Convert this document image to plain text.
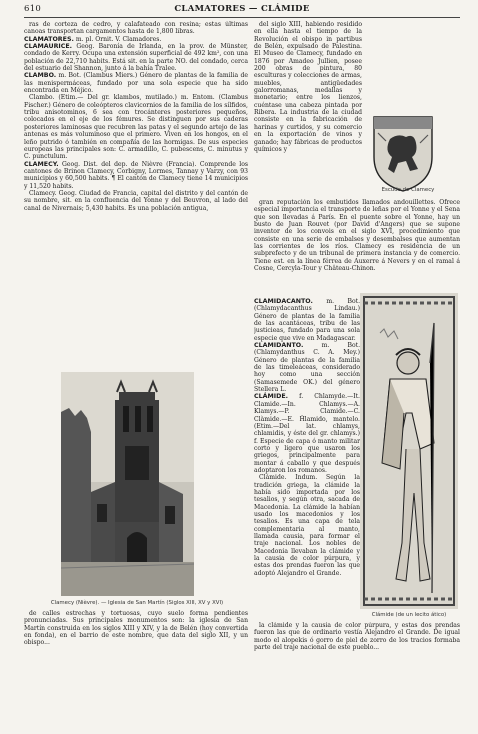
610	CLAMATORES — CLÁMIDE

ras de corteza de cedro, y calafateado con resina; estas últimas canoas transportan cargamentos hasta de 1,800 libras.

CLAMATORES. m. pl. Ornit. V. Clamadores.

CLAMAURICE. Geog. Baronía de Irlanda, en la prov. de Münster, condado de Kerry. Ocupa una extensión superficial de 492 km², con una población de 22,710 habits. Está sit. en la parte NO. del condado, cerca del estuario del Shannon, junto á la bahía Tralee.

CLAMBO. m. Bot. (Clambus Miers.) Género de plantas de la familia de las menispermáceas, fundado por una sola especie que ha sido encontrada en Méjico.

Clambo. (Etim.— Del gr. klambos, mutilado.) m. Entom. (Clambus Fischer.) Género de coleópteros clavicornios de la familia de los sílfidos, tribu anisotominos, 6 sea con trocánteres posteriores pequeños, colocados en el eje de los fémures. Se distinguen por sus caderas posteriores laminosas que recubren las patas y el segundo artejo de las antenas es más voluminoso que el primero. Viven en los hongos, en el leño putrido ó también en compañía de las hormigas. De sus especies europeas las principales son: C. armadillo, C. pubescens, C. minutus y C. punctulum.

CLAMECY. Geog. Dist. del dep. de Nièvre (Francia). Comprende los cantones de Brinon Clamecy, Corbigny, Lormes, Tannay y Varzy, con 93 municipios y 60,500 habits. ¶ El cantón de Clamecy tiene 14 municipios y 11,520 habits.

Clamecy. Geog. Ciudad de Francia, capital del distrito y del cantón de su nombre, sit. en la confluencia del Yonne y del Beuvron, al lado del canal de Nivernais; 5,430 habits. Es una población antigua,

Clamecy (Nièvre). — Iglesia de San Martín (Siglos XIII, XV y XVI)

de calles estrechas y tortuosas, cuyo suelo forma pendientes pronunciadas. Sus principales monumentos son: la iglesia de San Martín construida en los siglos XIII y XIV, y la de Belén (hoy convertida en fonda), en el barrio de este nombre, que data del siglo XII, y un obispo...

del siglo XIII, habiendo residido en ella hasta el tiempo de la Revolución el obispo in partibus de Belén, expulsado de Palestina. El Museo de Clamecy, fundado en 1876 por Amadeo Jullien, posee 200 obras de pintura, 80 esculturas y colecciones de armas, muebles, antigüedades galorromanas, medallas y monetario; entre los lienzos, cuéntase una cabeza pintada por Ribera. La industria de la ciudad consiste en la fabricación de harinas y curtidos, y su comercio en la exportación de vinos y ganado; hay fábricas de productos químicos y

Escudo de Clamecy

gran reputación los embutidos llamados andouillettes. Ofrece especial importancia el transporte de leñas por el Yonne y el Sena que son llevadas á París. En el puente sobre el Yonne, hay un busto de Juan Rouvet (por David d'Angers) que se supone inventor de los convois en el siglo XVI, procedimiento que consiste en una serie de embalses y desembalses que aumentan las corrientes de los ríos. Clamecy es residencia de un subprefecto y de un tribunal de primera instancia y de comercio. Tiene est. en la línea férrea de Auxerre á Nevers y en el ramal á Cosne, Cercyla-Tour y Château-Chinon.

CLAMIDACANTO. m. Bot. (Chlamydacanthus Lindau.) Género de plantas de la familia de las acantáceas, tribu de las justicieas, fundado para una sola especie que vive en Madagascar.

CLAMIDANTO.	m. Bot. (Chlamydanthus C. A. Mey.) Género de plantas de la familia de las timeleáceas, considerado hoy como una sección (Samasemede OK.) del género Stellera L.

CLÁMIDE. f. Chlamyde.—It. Clamide.—In. Chlamys.—A. Klamys.—P. Clamide.—C. Clàmide.—E. Ĥlamido, mantelo. (Etim.—Del lat. chlamys, chlamidis, y éste del gr. chlamys.) f. Especie de capa ó manto militar corto y ligero que usaron los griegos, principalmente para montar á caballo y que después adoptaron los romanos.

Clámide. Indum. Según la tradición griega, la clámide la había sido importada por los tesalios, y según otra, sacada de Macedonia. La clámide la habían usado los macedonios y los tesalios. Es una capa de tela complementaria al manto, llamada causia, para formar el traje nacional. Los nobles de Macedonia llevaban la clámide y la causia de color púrpura, y estas dos prendas fueron las que adoptó Alejandro el Grande.

Clámide (de un lecito ático)

la clámide y la causia de color púrpura, y estas dos prendas fueron las que de ordinario vestía Alejandro el Grande. De igual modo el alopekis ó gorro de piel de zorro de los tracios formaba parte del traje nacional de este pueblo...
